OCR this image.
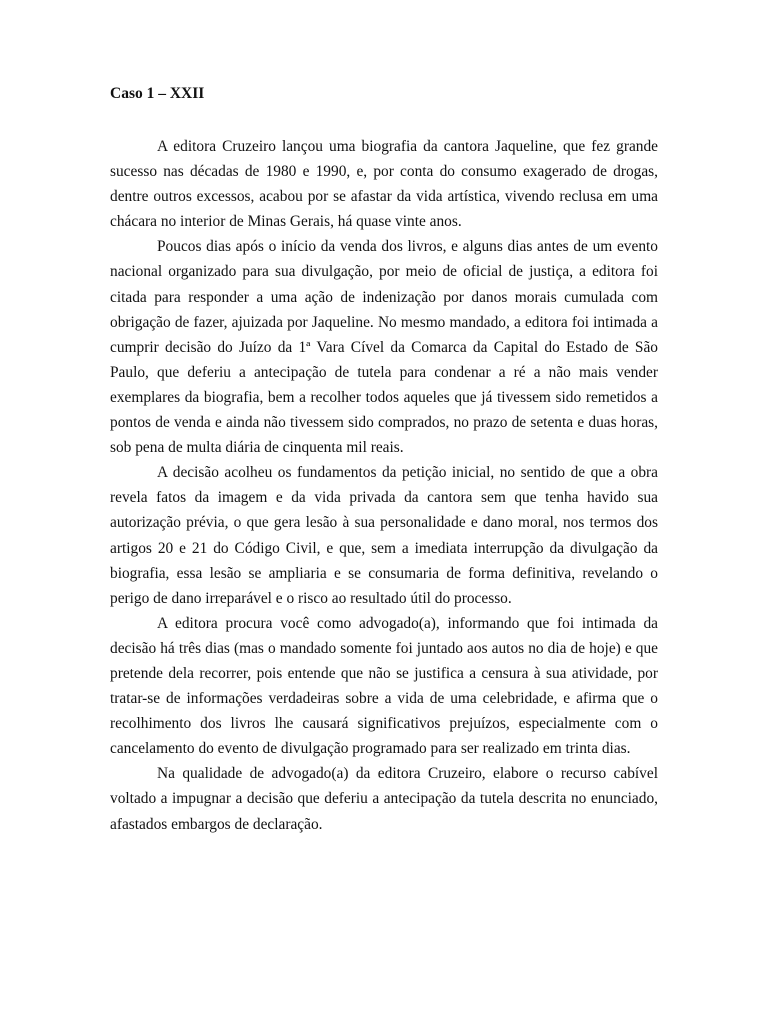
Caso 1 – XXII

A editora Cruzeiro lançou uma biografia da cantora Jaqueline, que fez grande sucesso nas décadas de 1980 e 1990, e, por conta do consumo exagerado de drogas, dentre outros excessos, acabou por se afastar da vida artística, vivendo reclusa em uma chácara no interior de Minas Gerais, há quase vinte anos.

Poucos dias após o início da venda dos livros, e alguns dias antes de um evento nacional organizado para sua divulgação, por meio de oficial de justiça, a editora foi citada para responder a uma ação de indenização por danos morais cumulada com obrigação de fazer, ajuizada por Jaqueline. No mesmo mandado, a editora foi intimada a cumprir decisão do Juízo da 1ª Vara Cível da Comarca da Capital do Estado de São Paulo, que deferiu a antecipação de tutela para condenar a ré a não mais vender exemplares da biografia, bem a recolher todos aqueles que já tivessem sido remetidos a pontos de venda e ainda não tivessem sido comprados, no prazo de setenta e duas horas, sob pena de multa diária de cinquenta mil reais.

A decisão acolheu os fundamentos da petição inicial, no sentido de que a obra revela fatos da imagem e da vida privada da cantora sem que tenha havido sua autorização prévia, o que gera lesão à sua personalidade e dano moral, nos termos dos artigos 20 e 21 do Código Civil, e que, sem a imediata interrupção da divulgação da biografia, essa lesão se ampliaria e se consumaria de forma definitiva, revelando o perigo de dano irreparável e o risco ao resultado útil do processo.

A editora procura você como advogado(a), informando que foi intimada da decisão há três dias (mas o mandado somente foi juntado aos autos no dia de hoje) e que pretende dela recorrer, pois entende que não se justifica a censura à sua atividade, por tratar-se de informações verdadeiras sobre a vida de uma celebridade, e afirma que o recolhimento dos livros lhe causará significativos prejuízos, especialmente com o cancelamento do evento de divulgação programado para ser realizado em trinta dias.

Na qualidade de advogado(a) da editora Cruzeiro, elabore o recurso cabível voltado a impugnar a decisão que deferiu a antecipação da tutela descrita no enunciado, afastados embargos de declaração.
